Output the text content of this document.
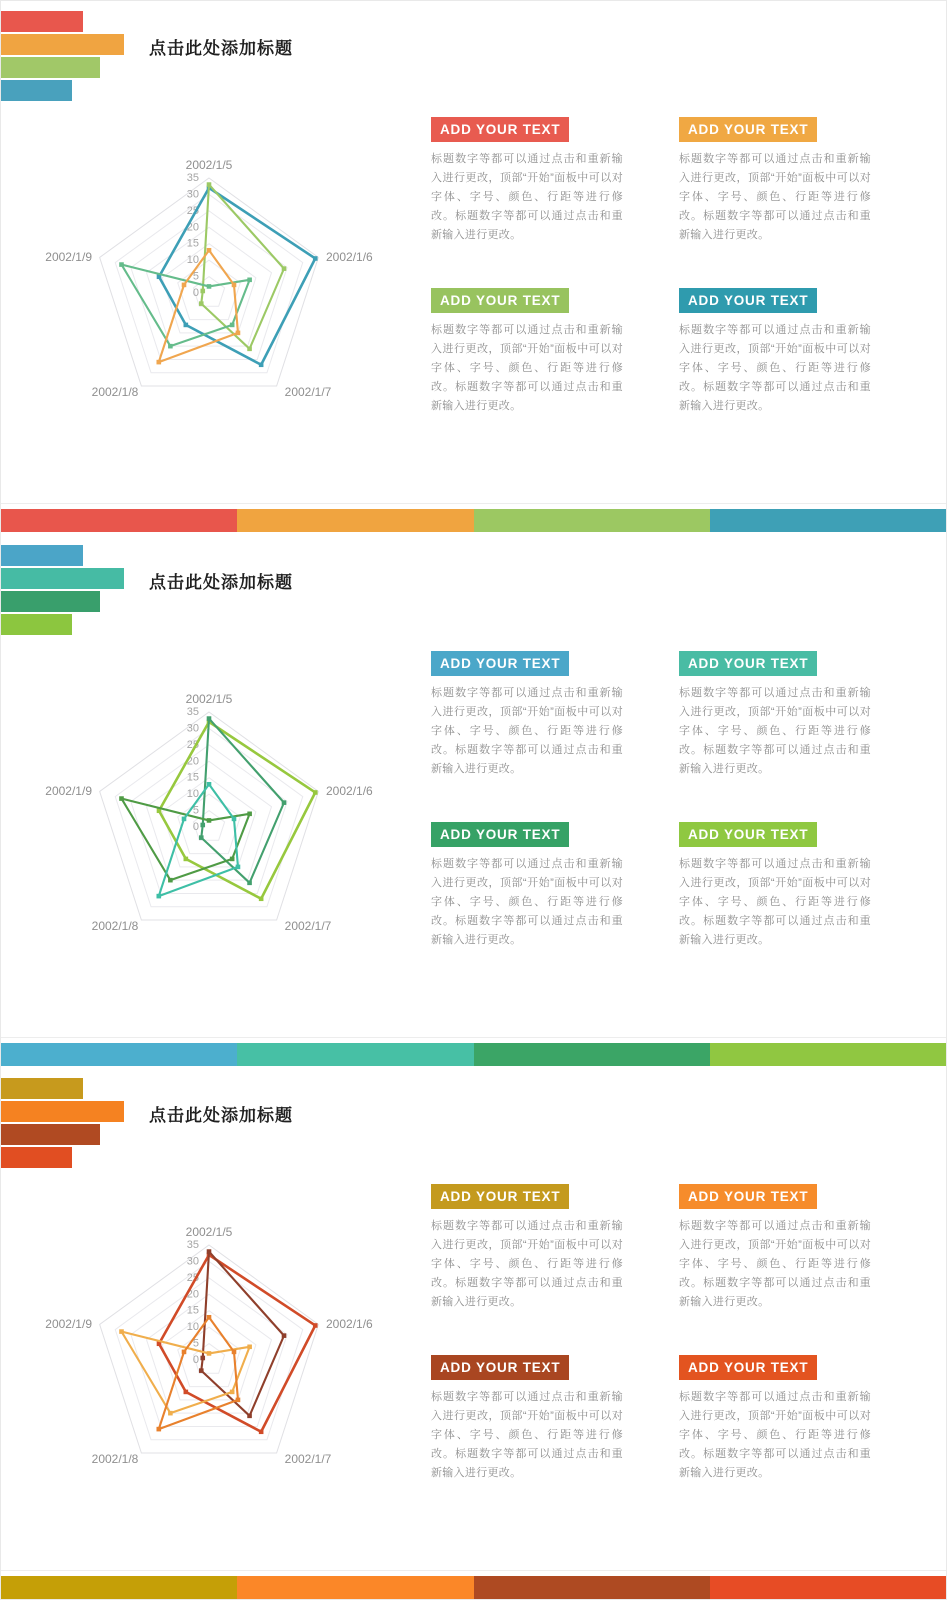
点击此处添加标题
0
5
10
15
20
25
30
35
2002/1/5
2002/1/6
2002/1/7
2002/1/8
2002/1/9
ADD YOUR TEXT
标题数字等都可以通过点击和重新输入进行更改，顶部“开始”面板中可以对字体、字号、颜色、行距等进行修改。标题数字等都可以通过点击和重新输入进行更改。
ADD YOUR TEXT
标题数字等都可以通过点击和重新输入进行更改，顶部“开始”面板中可以对字体、字号、颜色、行距等进行修改。标题数字等都可以通过点击和重新输入进行更改。
ADD YOUR TEXT
标题数字等都可以通过点击和重新输入进行更改，顶部“开始”面板中可以对字体、字号、颜色、行距等进行修改。标题数字等都可以通过点击和重新输入进行更改。
ADD YOUR TEXT
标题数字等都可以通过点击和重新输入进行更改，顶部“开始”面板中可以对字体、字号、颜色、行距等进行修改。标题数字等都可以通过点击和重新输入进行更改。
点击此处添加标题
0
5
10
15
20
25
30
35
2002/1/5
2002/1/6
2002/1/7
2002/1/8
2002/1/9
ADD YOUR TEXT
标题数字等都可以通过点击和重新输入进行更改，顶部“开始”面板中可以对字体、字号、颜色、行距等进行修改。标题数字等都可以通过点击和重新输入进行更改。
ADD YOUR TEXT
标题数字等都可以通过点击和重新输入进行更改，顶部“开始”面板中可以对字体、字号、颜色、行距等进行修改。标题数字等都可以通过点击和重新输入进行更改。
ADD YOUR TEXT
标题数字等都可以通过点击和重新输入进行更改，顶部“开始”面板中可以对字体、字号、颜色、行距等进行修改。标题数字等都可以通过点击和重新输入进行更改。
ADD YOUR TEXT
标题数字等都可以通过点击和重新输入进行更改，顶部“开始”面板中可以对字体、字号、颜色、行距等进行修改。标题数字等都可以通过点击和重新输入进行更改。
点击此处添加标题
0
5
10
15
20
25
30
35
2002/1/5
2002/1/6
2002/1/7
2002/1/8
2002/1/9
ADD YOUR TEXT
标题数字等都可以通过点击和重新输入进行更改，顶部“开始”面板中可以对字体、字号、颜色、行距等进行修改。标题数字等都可以通过点击和重新输入进行更改。
ADD YOUR TEXT
标题数字等都可以通过点击和重新输入进行更改，顶部“开始”面板中可以对字体、字号、颜色、行距等进行修改。标题数字等都可以通过点击和重新输入进行更改。
ADD YOUR TEXT
标题数字等都可以通过点击和重新输入进行更改，顶部“开始”面板中可以对字体、字号、颜色、行距等进行修改。标题数字等都可以通过点击和重新输入进行更改。
ADD YOUR TEXT
标题数字等都可以通过点击和重新输入进行更改，顶部“开始”面板中可以对字体、字号、颜色、行距等进行修改。标题数字等都可以通过点击和重新输入进行更改。
